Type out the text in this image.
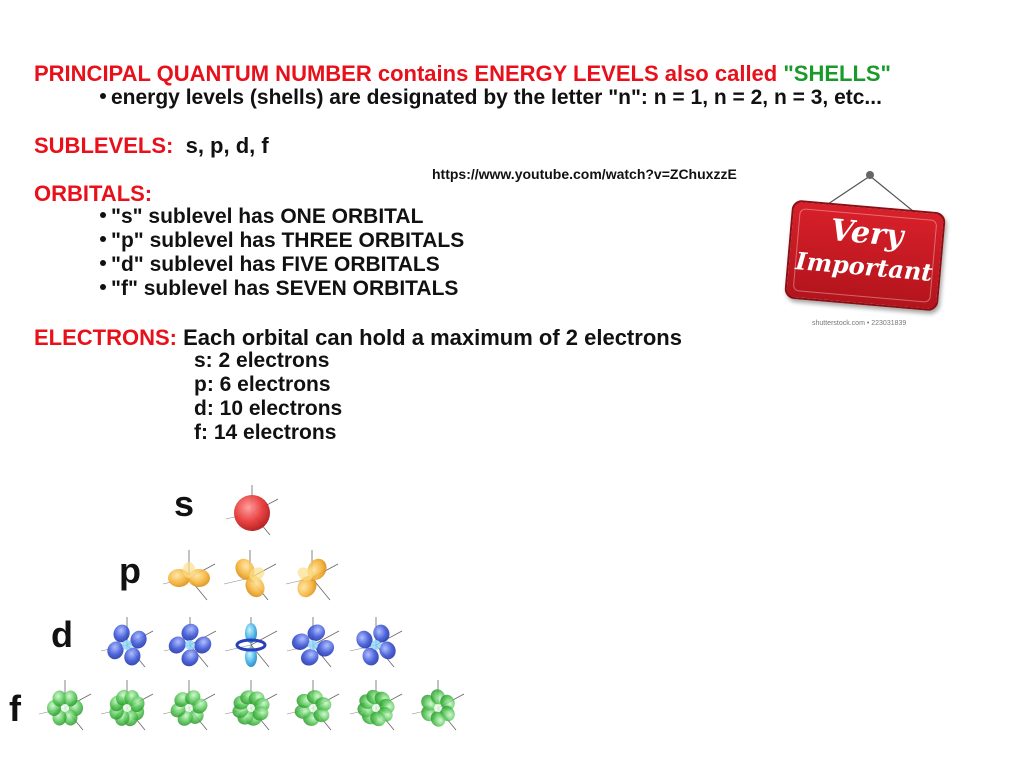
PRINCIPAL QUANTUM NUMBER contains ENERGY LEVELS also called "SHELLS"
energy levels (shells) are designated by the letter "n": n = 1, n = 2, n = 3, etc...
SUBLEVELS: s, p, d, f
https://www.youtube.com/watch?v=ZChuxzzE
ORBITALS:
"s" sublevel has ONE ORBITAL
"p" sublevel has THREE ORBITALS
"d" sublevel has FIVE ORBITALS
"f" sublevel has SEVEN ORBITALS
ELECTRONS: Each orbital can hold a maximum of 2 electrons
s: 2 electrons
p: 6 electrons
d: 10 electrons
f: 14 electrons
Very
Important
shutterstock.com • 223031839
s
p
d
f
